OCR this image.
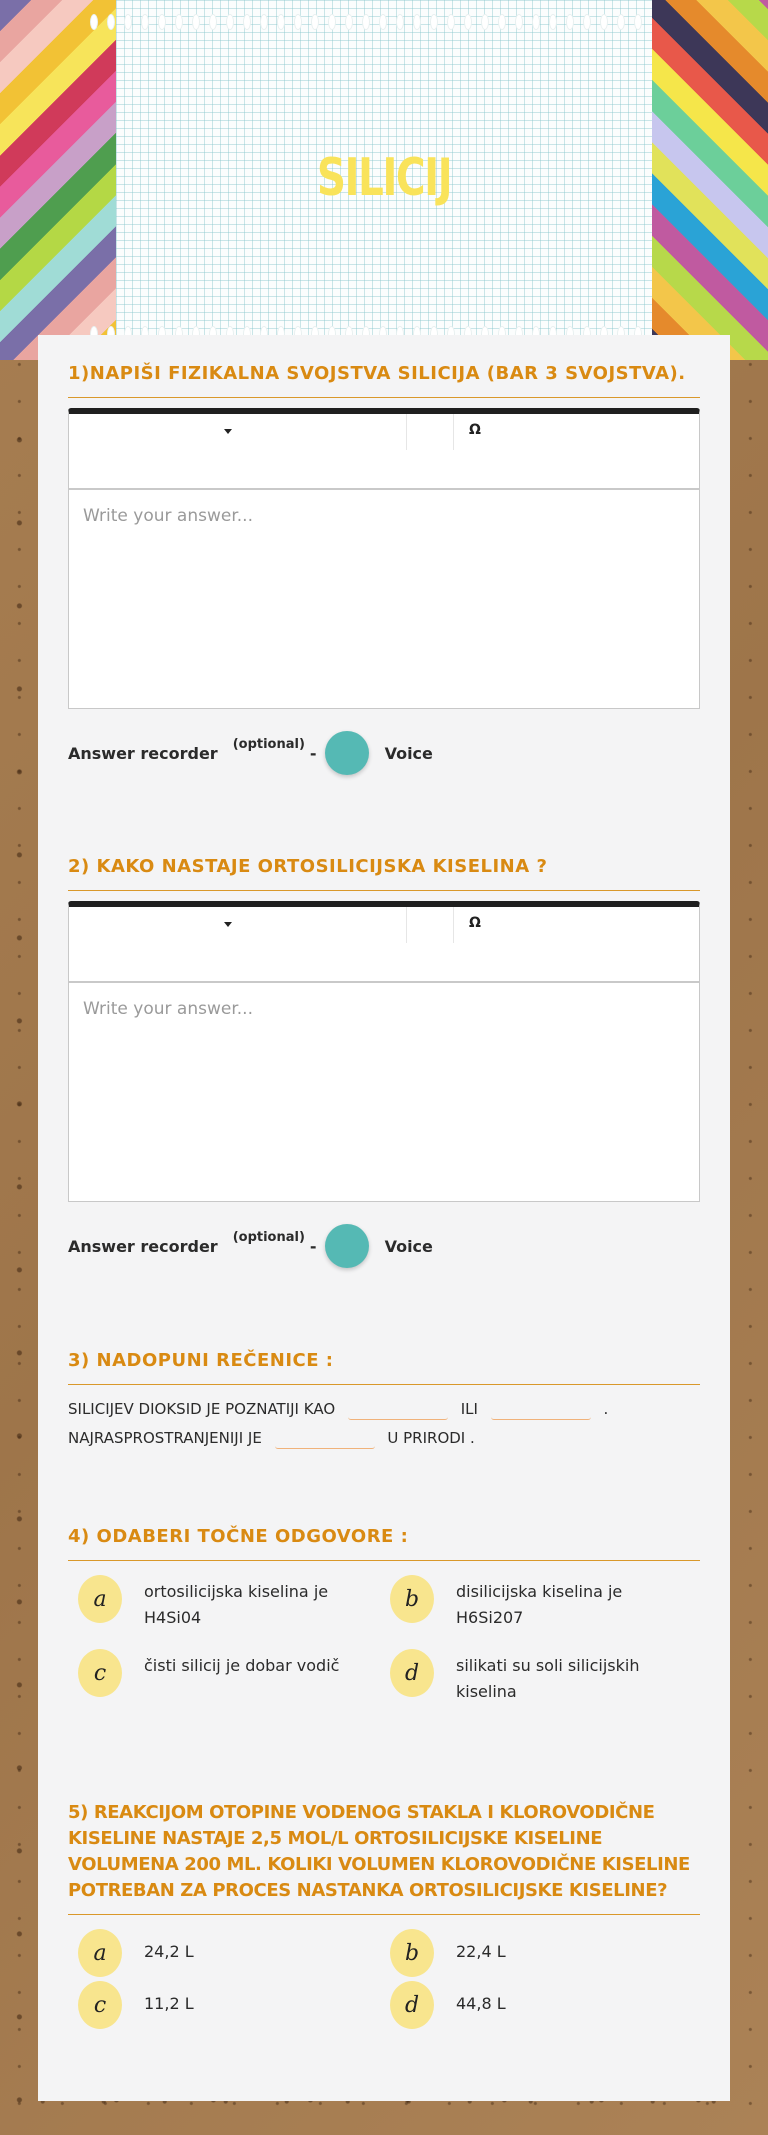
SILICIJ
1)NAPIŠI FIZIKALNA SVOJSTVA SILICIJA (BAR 3 SVOJSTVA).
Ω
Write your answer...
Answer recorder	(optional) -	Voice
2) KAKO NASTAJE ORTOSILICIJSKA KISELINA ?
Ω
Write your answer...
Answer recorder	(optional) -	Voice
3) NADOPUNI REČENICE :
SILICIJEV DIOKSID JE POZNATIJI KAO	ILI	.
NAJRASPROSTRANJENIJI JE	U PRIRODI .
4) ODABERI TOČNE ODGOVORE :
a	ortosilicijska kiselina je H4Si04
b	disilicijska kiselina je H6Si207
c	čisti silicij je dobar vodič	d	silikati su soli silicijskih kiselina
5) REAKCIJOM OTOPINE VODENOG STAKLA I KLOROVODIČNE KISELINE NASTAJE 2,5 MOL/L ORTOSILICIJSKE KISELINE VOLUMENA 200 ML. KOLIKI VOLUMEN KLOROVODIČNE KISELINE POTREBAN ZA PROCES NASTANKA ORTOSILICIJSKE KISELINE?
a	24,2 L	b	22,4 L
c	11,2 L	d	44,8 L
